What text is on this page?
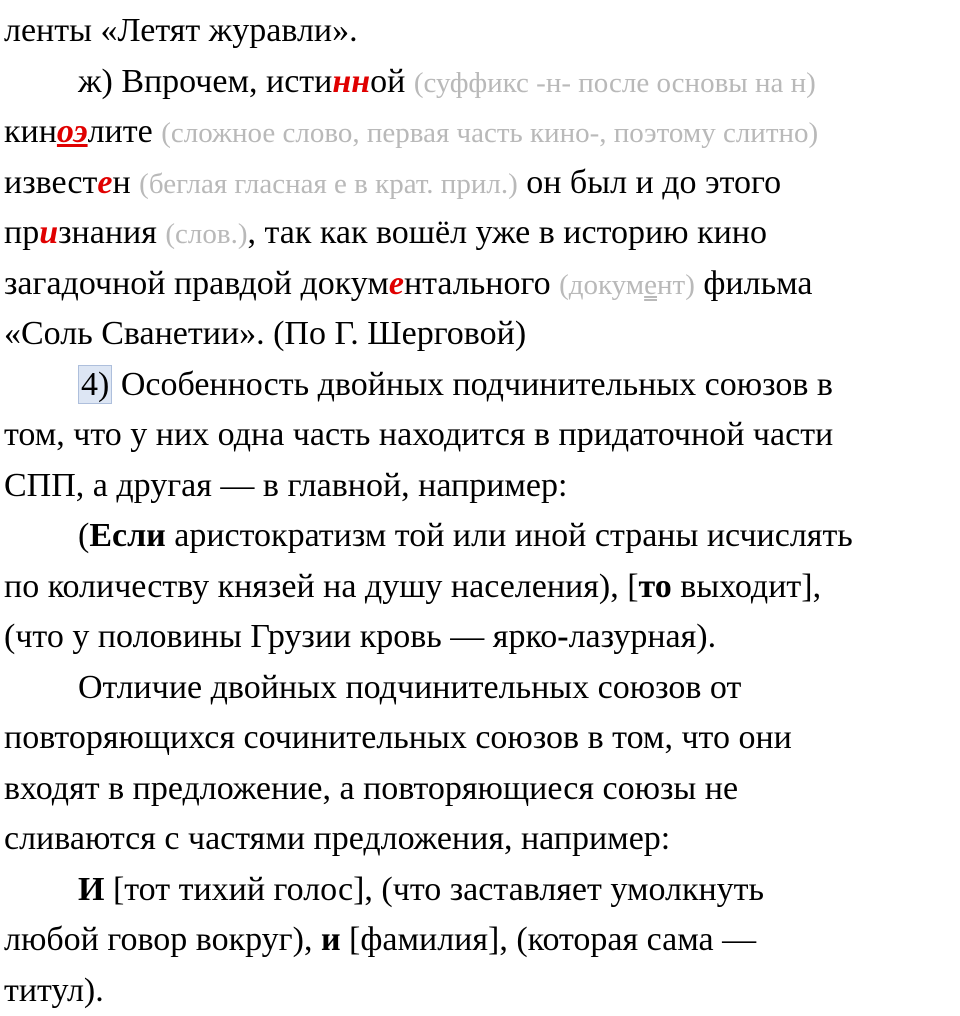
ленты «Летят журавли».
ж) Впрочем, истинной (суффикс -н- после основы на н)
киноэлите (сложное слово, первая часть кино-, поэтому слитно)
известен (беглая гласная е в крат. прил.) он был и до этого
признания (слов.), так как вошёл уже в историю кино
загадочной правдой документального (документ) фильма
«Соль Сванетии». (По Г. Шерговой)
4) Особенность двойных подчинительных союзов в
том, что у них одна часть находится в придаточной части
СПП, а другая — в главной, например:
(Если аристократизм той или иной страны исчислять
по количеству князей на душу населения), [то выходит],
(что у половины Грузии кровь — ярко-лазурная).
Отличие двойных подчинительных союзов от
повторяющихся сочинительных союзов в том, что они
входят в предложение, а повторяющиеся союзы не
сливаются с частями предложения, например:
И [тот тихий голос], (что заставляет умолкнуть
любой говор вокруг), и [фамилия], (которая сама —
титул).
